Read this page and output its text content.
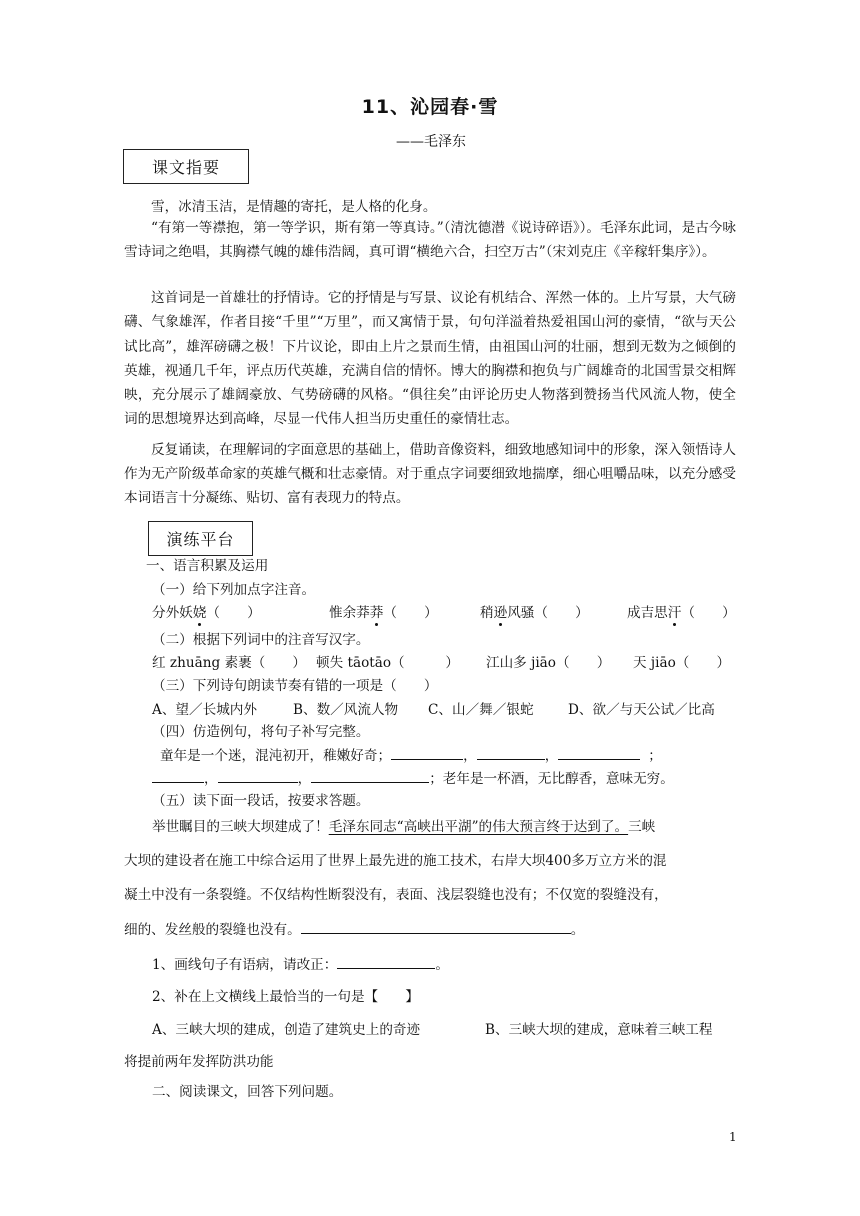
11、沁园春·雪
——毛泽东
课文指要
雪，冰清玉洁，是情趣的寄托，是人格的化身。
“有第一等襟抱，第一等学识，斯有第一等真诗。”（清沈德潜《说诗碎语》）。毛泽东此词，是古今咏雪诗词之绝唱，其胸襟气魄的雄伟浩阔，真可谓“横绝六合，扫空万古”（宋刘克庄《辛稼轩集序》）。
这首词是一首雄壮的抒情诗。它的抒情是与写景、议论有机结合、浑然一体的。上片写景，大气磅礴、气象雄浑，作者目接“千里”“万里”，而又寓情于景，句句洋溢着热爱祖国山河的豪情，“欲与天公试比高”，雄浑磅礴之极！下片议论，即由上片之景而生情，由祖国山河的壮丽，想到无数为之倾倒的英雄，视通几千年，评点历代英雄，充满自信的情怀。博大的胸襟和抱负与广阔雄奇的北国雪景交相辉映，充分展示了雄阔豪放、气势磅礴的风格。“俱往矣”由评论历史人物落到赞扬当代风流人物，使全词的思想境界达到高峰，尽显一代伟人担当历史重任的豪情壮志。
反复诵读，在理解词的字面意思的基础上，借助音像资料，细致地感知词中的形象，深入领悟诗人作为无产阶级革命家的英雄气概和壮志豪情。对于重点字词要细致地揣摩，细心咀嚼品味，以充分感受本词语言十分凝练、贴切、富有表现力的特点。
演练平台
一、语言积累及运用
（一）给下列加点字注音。
分外妖娆（　　）	惟余莽莽（　　）	稍逊风骚（　　）	成吉思汗（　　）
（二）根据下列词中的注音写汉字。
红 zhuāng 素裹（　　） 顿失 tāotāo（　　　） 江山多 jiāo（　　） 天 jiāo（　　）
（三）下列诗句朗读节奏有错的一项是（　　）
A、望／长城内外	B、数／风流人物 C、山／舞／银蛇	D、欲／与天公试／比高
（四）仿造例句，将句子补写完整。
童年是一个迷，混沌初开，稚嫩好奇；	，	，	；
，	，	；老年是一杯酒，无比醇香，意味无穷。
（五）读下面一段话，按要求答题。
举世瞩目的三峡大坝建成了！毛泽东同志“高峡出平湖”的伟大预言终于达到了。三峡
大坝的建设者在施工中综合运用了世界上最先进的施工技术，右岸大坝400多万立方米的混
凝土中没有一条裂缝。不仅结构性断裂没有，表面、浅层裂缝也没有；不仅宽的裂缝没有，
细的、发丝般的裂缝也没有。	。
1、画线句子有语病，请改正：	。
2、补在上文横线上最恰当的一句是【　　】
A、三峡大坝的建成，创造了建筑史上的奇迹	B、三峡大坝的建成，意味着三峡工程
将提前两年发挥防洪功能
二、阅读课文，回答下列问题。
1
